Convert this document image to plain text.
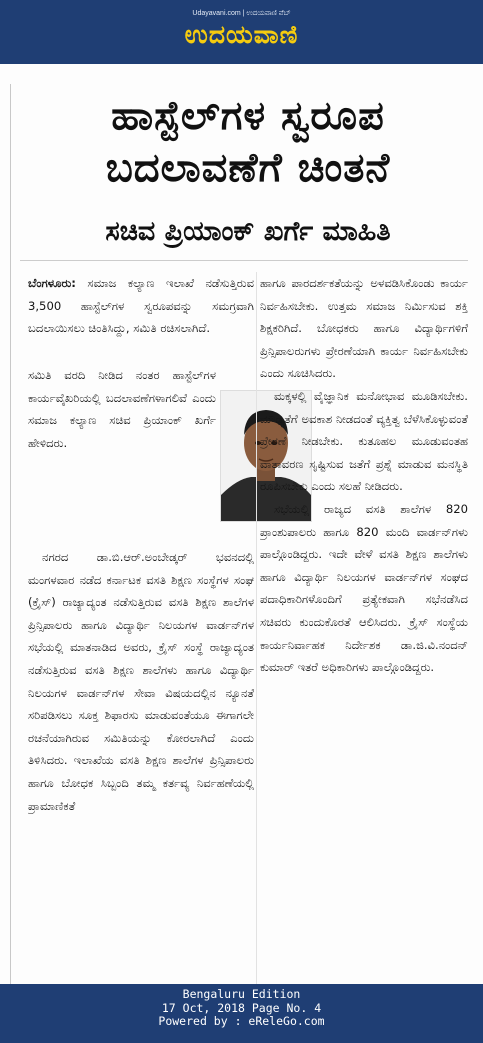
Udayavani.com | ಉದಯವಾಣಿ ವೆಬ್
ಉದಯವಾಣಿ
ಹಾಸ್ಟೆಲ್‌ಗಳ ಸ್ವರೂಪ
ಬದಲಾವಣೆಗೆ ಚಿಂತನೆ
ಸಚಿವ ಪ್ರಿಯಾಂಕ್‌ ಖರ್ಗೆ ಮಾಹಿತಿ

ಬೆಂಗಳೂರು: ಸಮಾಜ ಕಲ್ಯಾಣ ಇಲಾಖೆ ನಡೆಸುತ್ತಿರುವ 3,500 ಹಾಸ್ಟೆಲ್‌ಗಳ ಸ್ವರೂಪವನ್ನು ಸಮಗ್ರವಾಗಿ ಬದಲಾಯಿಸಲು ಚಿಂತಿಸಿದ್ದು, ಸಮಿತಿ ರಚಿಸಲಾಗಿದೆ.

ಸಮಿತಿ ವರದಿ ನೀಡಿದ ನಂತರ ಹಾಸ್ಟೆಲ್‌ಗಳ ಕಾರ್ಯವೈಖರಿಯಲ್ಲಿ ಬದಲಾವಣೆಗಳಾಗಲಿವೆ ಎಂದು ಸಮಾಜ ಕಲ್ಯಾಣ ಸಚಿವ ಪ್ರಿಯಾಂಕ್‌ ಖರ್ಗೆ ಹೇಳಿದರು.

ನಗರದ ಡಾ.ಬಿ.ಆರ್‌.ಅಂಬೇಡ್ಕರ್‌ ಭವನದಲ್ಲಿ ಮಂಗಳವಾರ ನಡೆದ ಕರ್ನಾಟಕ ವಸತಿ ಶಿಕ್ಷಣ ಸಂಸ್ಥೆಗಳ ಸಂಘ (ಕ್ರೈಸ್‌) ರಾಜ್ಯಾದ್ಯಂತ ನಡೆಸುತ್ತಿರುವ ವಸತಿ ಶಿಕ್ಷಣ ಶಾಲೆಗಳ ಪ್ರಿನ್ಸಿಪಾಲರು ಹಾಗೂ ವಿದ್ಯಾರ್ಥಿ ನಿಲಯಗಳ ವಾರ್ಡನ್‌ಗಳ ಸಭೆಯಲ್ಲಿ ಮಾತನಾಡಿದ ಅವರು, ಕ್ರೈಸ್‌ ಸಂಸ್ಥೆ ರಾಜ್ಯಾದ್ಯಂತ ನಡೆಸುತ್ತಿರುವ ವಸತಿ ಶಿಕ್ಷಣ ಶಾಲೆಗಳು ಹಾಗೂ ವಿದ್ಯಾರ್ಥಿ ನಿಲಯಗಳ ವಾರ್ಡನ್‌ಗಳ ಸೇವಾ ವಿಷಯದಲ್ಲಿನ ನ್ಯೂನತೆ ಸರಿಪಡಿಸಲು ಸೂಕ್ತ ಶಿಫಾರಸು ಮಾಡುವಂತೆಯೂ ಈಗಾಗಲೇ ರಚನೆಯಾಗಿರುವ ಸಮಿತಿಯನ್ನು ಕೋರಲಾಗಿದೆ ಎಂದು ತಿಳಿಸಿದರು. ಇಲಾಖೆಯ ವಸತಿ ಶಿಕ್ಷಣ ಶಾಲೆಗಳ ಪ್ರಿನ್ಸಿಪಾಲರು ಹಾಗೂ ಬೋಧಕ ಸಿಬ್ಬಂದಿ ತಮ್ಮ ಕರ್ತವ್ಯ ನಿರ್ವಹಣೆಯಲ್ಲಿ ಪ್ರಾಮಾಣಿಕತೆ

ಹಾಗೂ ಪಾರದರ್ಶಕತೆಯನ್ನು ಅಳವಡಿಸಿಕೊಂಡು ಕಾರ್ಯ ನಿರ್ವಹಿಸಬೇಕು. ಉತ್ತಮ ಸಮಾಜ ನಿರ್ಮಿಸುವ ಶಕ್ತಿ ಶಿಕ್ಷಕರಿಗಿದೆ. ಬೋಧಕರು ಹಾಗೂ ವಿದ್ಯಾರ್ಥಿಗಳಿಗೆ ಪ್ರಿನ್ಸಿಪಾಲರುಗಳು ಪ್ರೇರಣೆಯಾಗಿ ಕಾರ್ಯ ನಿರ್ವಹಿಸಬೇಕು ಎಂದು ಸೂಚಿಸಿದರು.

ಮಕ್ಕಳಲ್ಲಿ ವೈಜ್ಞಾನಿಕ ಮನೋಭಾವ ಮೂಡಿಸಬೇಕು. ಮೌಢ್ಯತೆಗೆ ಅವಕಾಶ ನೀಡದಂತೆ ವ್ಯಕ್ತಿತ್ವ ಬೆಳೆಸಿಕೊಳ್ಳುವಂತೆ ಪ್ರೇರಣೆ ನೀಡಬೇಕು. ಕುತೂಹಲ ಮೂಡುವಂತಹ ವಾತಾವರಣ ಸೃಷ್ಟಿಸುವ ಜತೆಗೆ ಪ್ರಶ್ನೆ ಮಾಡುವ ಮನಸ್ಥಿತಿ ರೂಪಿಸಬೇಕು ಎಂದು ಸಲಹೆ ನೀಡಿದರು.

ಸಭೆಯಲ್ಲಿ ರಾಜ್ಯದ ವಸತಿ ಶಾಲೆಗಳ 820 ಪ್ರಾಂಶುಪಾಲರು ಹಾಗೂ 820 ಮಂದಿ ವಾರ್ಡನ್‌ಗಳು ಪಾಲ್ಗೊಂಡಿದ್ದರು. ಇದೇ ವೇಳೆ ವಸತಿ ಶಿಕ್ಷಣ ಶಾಲೆಗಳು ಹಾಗೂ ವಿದ್ಯಾರ್ಥಿ ನಿಲಯಗಳ ವಾರ್ಡನ್‌ಗಳ ಸಂಘದ ಪದಾಧಿಕಾರಿಗಳೊಂದಿಗೆ ಪ್ರತ್ಯೇಕವಾಗಿ ಸಭೆನಡೆಸಿದ ಸಚಿವರು ಕುಂದುಕೊರತೆ ಆಲಿಸಿದರು. ಕ್ರೈಸ್‌ ಸಂಸ್ಥೆಯ ಕಾರ್ಯನಿರ್ವಾಹಕ ನಿರ್ದೇಶಕ ಡಾ.ಜಿ.ವಿ.ನಂದನ್‌ ಕುಮಾರ್‌ ಇತರೆ ಅಧಿಕಾರಿಗಳು ಪಾಲ್ಗೊಂಡಿದ್ದರು.

Bengaluru Edition
17 Oct, 2018 Page No. 4
Powered by : eReleGo.com
